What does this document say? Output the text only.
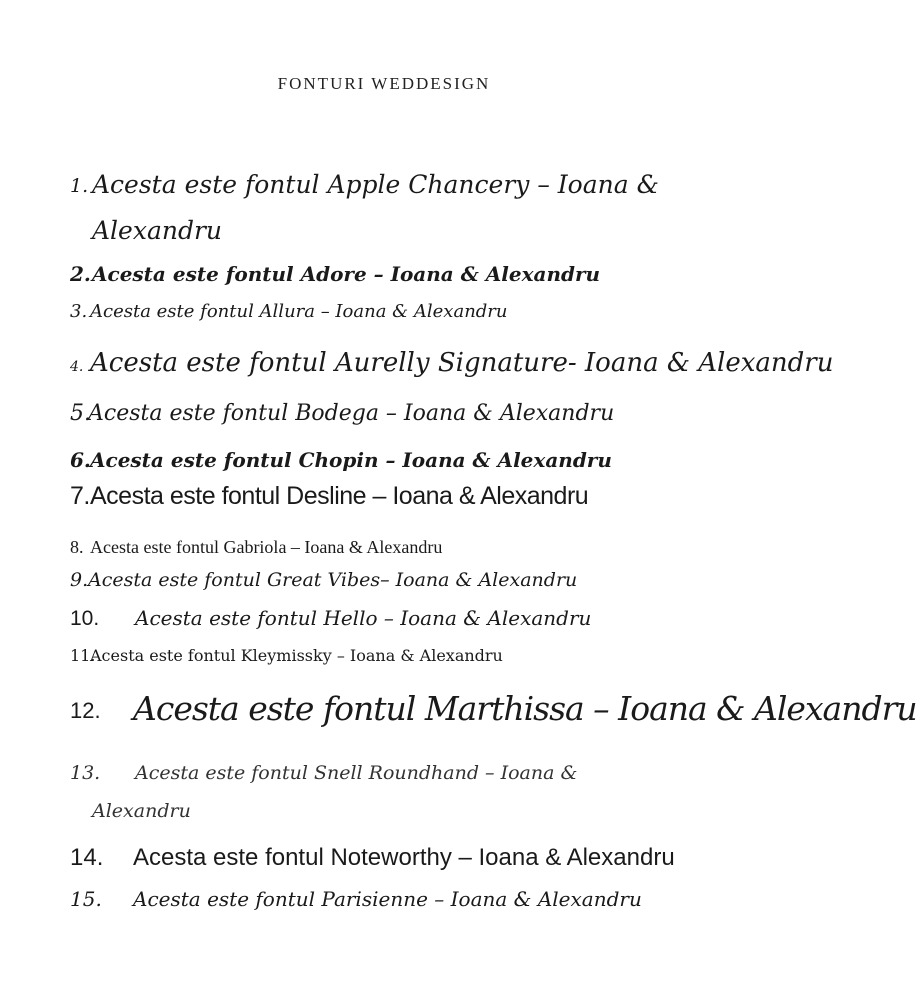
FONTURI WEDDESIGN
1. Acesta este fontul Apple Chancery – Ioana &
Alexandru
2. Acesta este fontul Adore – Ioana & Alexandru
3. Acesta este fontul Allura – Ioana & Alexandru
4. Acesta este fontul Aurelly Signature- Ioana & Alexandru
5.
Acesta este fontul Bodega – Ioana & Alexandru
6. Acesta este fontul Chopin – Ioana & Alexandru
7. Acesta este fontul Desline – Ioana & Alexandru
8. Acesta este fontul Gabriola – Ioana & Alexandru
9. Acesta este fontul Great Vibes– Ioana & Alexandru
10. Acesta este fontul Hello – Ioana & Alexandru
11.
Acesta este fontul Kleymissky – Ioana & Alexandru
12. Acesta este fontul Marthissa – Ioana & Alexandru
13. Acesta este fontul Snell Roundhand – Ioana &
Alexandru
14. Acesta este fontul Noteworthy – Ioana & Alexandru
15. Acesta este fontul Parisienne – Ioana & Alexandru
